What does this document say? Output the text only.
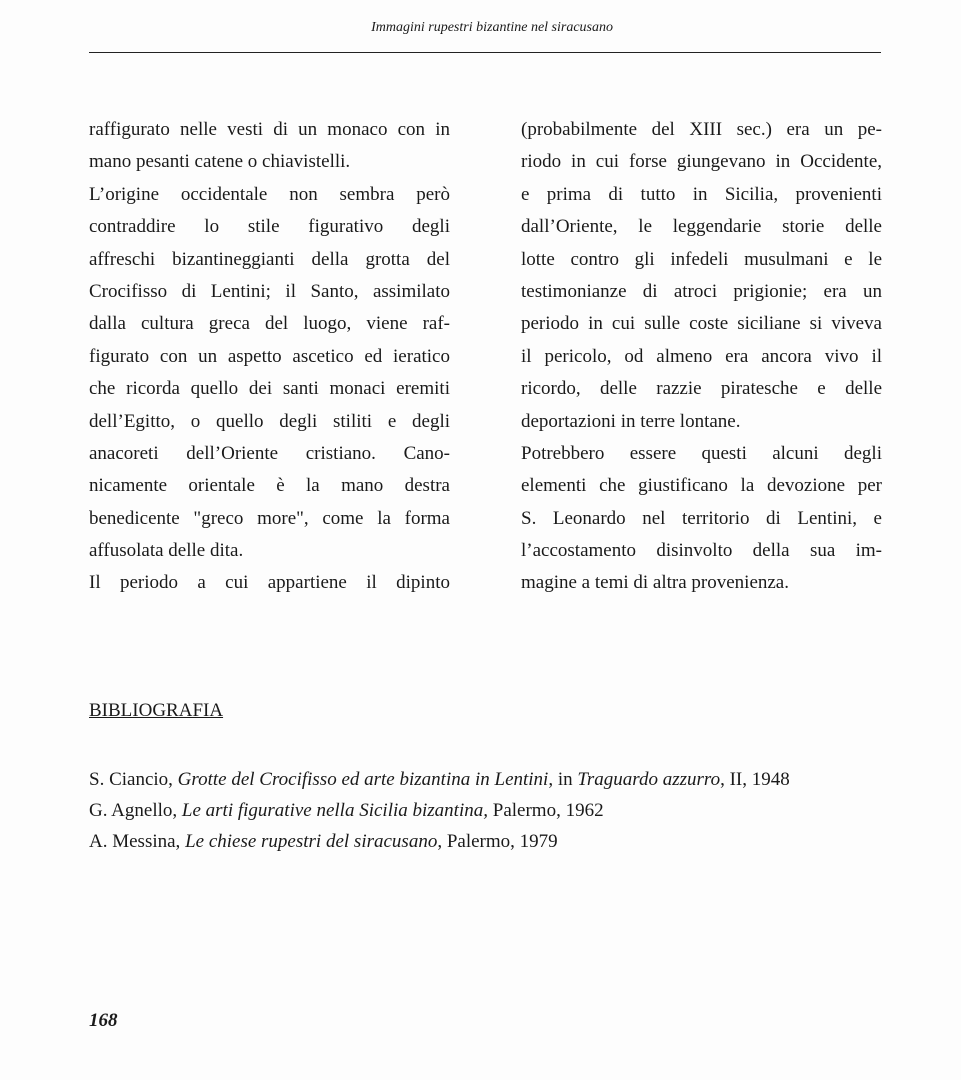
Immagini rupestri bizantine nel siracusano
raffigurato nelle vesti di un monaco con in
mano pesanti catene o chiavistelli.
L’origine occidentale non sembra però
contraddire lo stile figurativo degli
affreschi bizantineggianti della grotta del
Crocifisso di Lentini; il Santo, assimilato
dalla cultura greca del luogo, viene raf-
figurato con un aspetto ascetico ed ieratico
che ricorda quello dei santi monaci eremiti
dell’Egitto, o quello degli stiliti e degli
anacoreti dell’Oriente cristiano. Cano-
nicamente orientale è la mano destra
benedicente "greco more", come la forma
affusolata delle dita.
Il periodo a cui appartiene il dipinto
(probabilmente del XIII sec.) era un pe-
riodo in cui forse giungevano in Occidente,
e prima di tutto in Sicilia, provenienti
dall’Oriente, le leggendarie storie delle
lotte contro gli infedeli musulmani e le
testimonianze di atroci prigionie; era un
periodo in cui sulle coste siciliane si viveva
il pericolo, od almeno era ancora vivo il
ricordo, delle razzie piratesche e delle
deportazioni in terre lontane.
Potrebbero essere questi alcuni degli
elementi che giustificano la devozione per
S. Leonardo nel territorio di Lentini, e
l’accostamento disinvolto della sua im-
magine a temi di altra provenienza.
BIBLIOGRAFIA
S. Ciancio, Grotte del Crocifisso ed arte bizantina in Lentini, in Traguardo azzurro, II, 1948
G. Agnello, Le arti figurative nella Sicilia bizantina, Palermo, 1962
A. Messina, Le chiese rupestri del siracusano, Palermo, 1979
168
